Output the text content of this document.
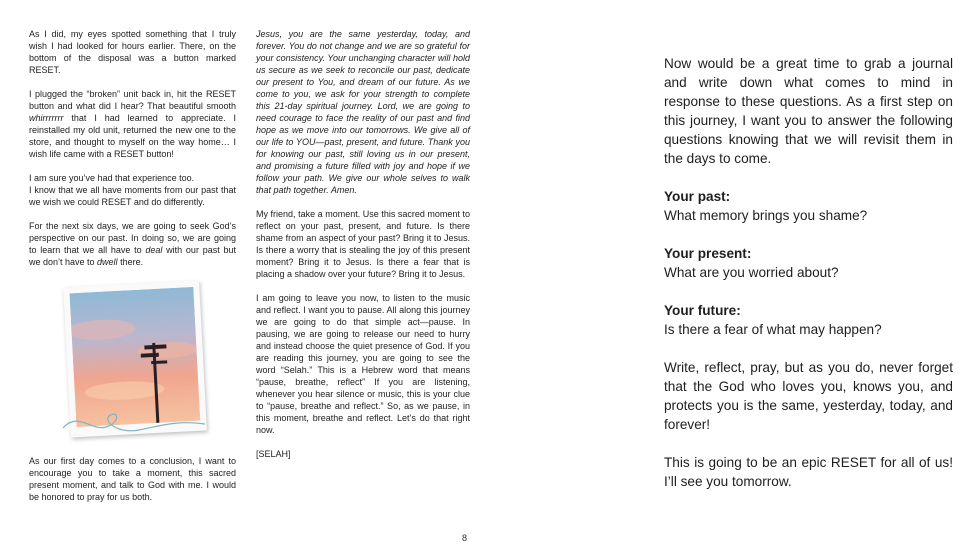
As I did, my eyes spotted something that I truly wish I had looked for hours earlier. There, on the bottom of the disposal was a button marked RESET.

I plugged the “broken” unit back in, hit the RESET button and what did I hear? That beautiful smooth whirrrrrrr that I had learned to appreciate. I reinstalled my old unit, returned the new one to the store, and thought to myself on the way home… I wish life came with a RESET button!

I am sure you’ve had that experience too.
I know that we all have moments from our past that we wish we could RESET and do differently.

For the next six days, we are going to seek God’s perspective on our past. In doing so, we are going to learn that we all have to deal with our past but we don’t have to dwell there.

As our first day comes to a conclusion, I want to encourage you to take a moment, this sacred present moment, and talk to God with me. I would be honored to pray for us both.

Jesus, you are the same yesterday, today, and forever. You do not change and we are so grateful for your consistency. Your unchanging character will hold us secure as we seek to reconcile our past, dedicate our present to You, and dream of our future. As we come to you, we ask for your strength to complete this 21-day spiritual journey. Lord, we are going to need courage to face the reality of our past and find hope as we move into our tomorrows. We give all of our life to YOU—past, present, and future. Thank you for knowing our past, still loving us in our present, and promising a future filled with joy and hope if we follow your path. We give our whole selves to walk that path together. Amen.

My friend, take a moment. Use this sacred moment to reflect on your past, present, and future. Is there shame from an aspect of your past? Bring it to Jesus. Is there a worry that is stealing the joy of this present moment? Bring it to Jesus. Is there a fear that is placing a shadow over your future? Bring it to Jesus.

I am going to leave you now, to listen to the music and reflect. I want you to pause. All along this journey we are going to do that simple act—pause. In pausing, we are going to release our need to hurry and instead choose the quiet presence of God. If you are reading this journey, you are going to see the word “Selah.” This is a Hebrew word that means “pause, breathe, reflect” If you are listening, whenever you hear silence or music, this is your clue to “pause, breathe and reflect.” So, as we pause, in this moment, breathe and reflect. Let’s do that right now.

[SELAH]

Now would be a great time to grab a journal and write down what comes to mind in response to these questions. As a first step on this journey, I want you to answer the following questions knowing that we will revisit them in the days to come.

Your past:
What memory brings you shame?

Your present:
What are you worried about?

Your future:
Is there a fear of what may happen?

Write, reflect, pray, but as you do, never forget that the God who loves you, knows you, and protects you is the same, yesterday, today, and forever!

This is going to be an epic RESET for all of us! I’ll see you tomorrow.

8
